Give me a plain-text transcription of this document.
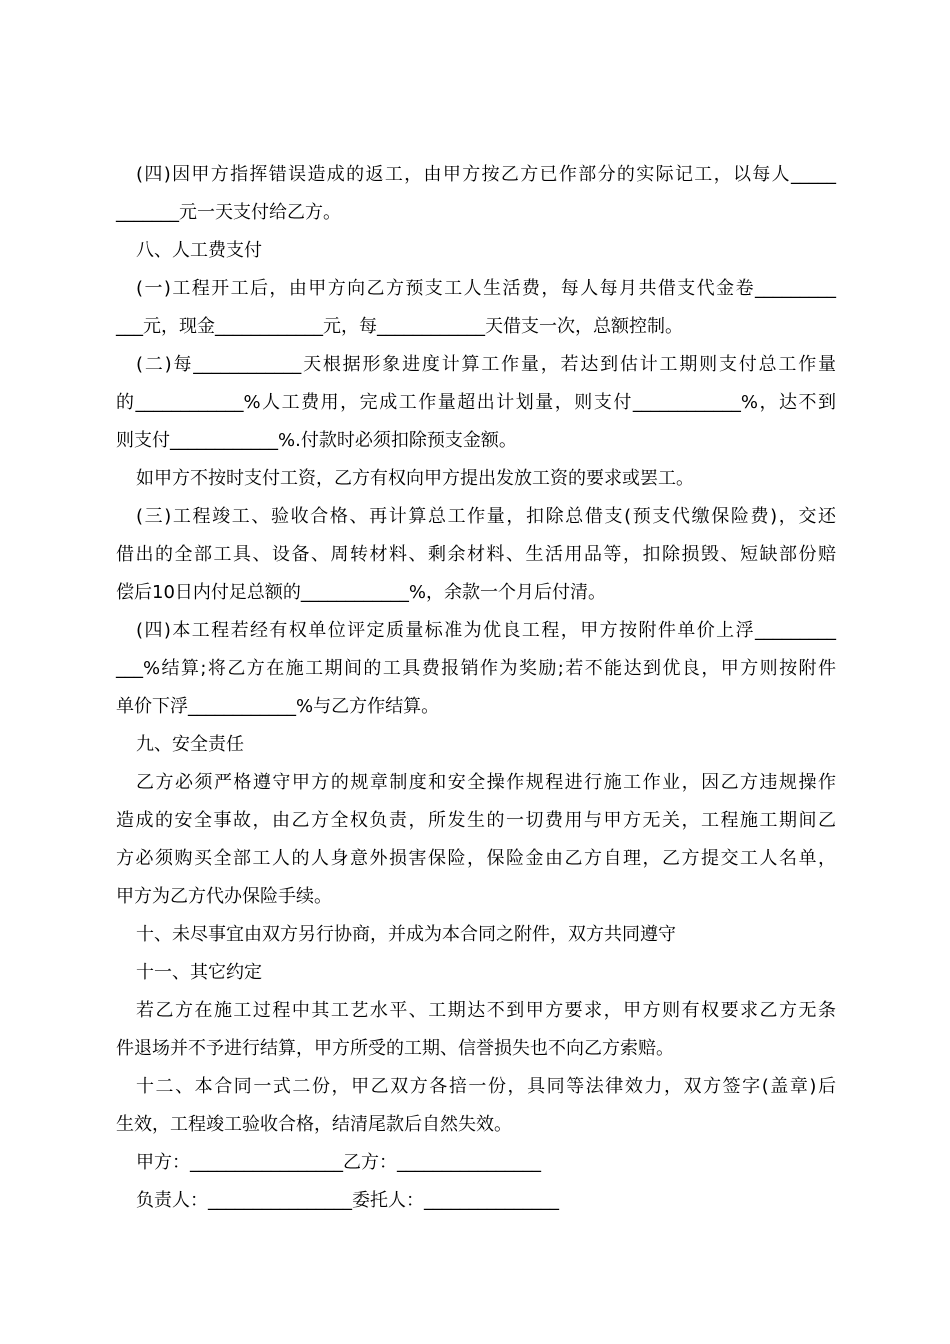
(四)因甲方指挥错误造成的返工，由甲方按乙方已作部分的实际记工，以每人_____
_______元一天支付给乙方。
八、人工费支付
(一)工程开工后，由甲方向乙方预支工人生活费，每人每月共借支代金卷_________
___元，现金____________元，每____________天借支一次，总额控制。
(二)每____________天根据形象进度计算工作量，若达到估计工期则支付总工作量
的____________%人工费用，完成工作量超出计划量，则支付____________%，达不到
则支付____________%.付款时必须扣除预支金额。
如甲方不按时支付工资，乙方有权向甲方提出发放工资的要求或罢工。
(三)工程竣工、验收合格、再计算总工作量，扣除总借支(预支代缴保险费)，交还
借出的全部工具、设备、周转材料、剩余材料、生活用品等，扣除损毁、短缺部份赔
偿后10日内付足总额的____________%，余款一个月后付清。
(四)本工程若经有权单位评定质量标准为优良工程，甲方按附件单价上浮_________
___%结算;将乙方在施工期间的工具费报销作为奖励;若不能达到优良，甲方则按附件
单价下浮____________%与乙方作结算。
九、安全责任
乙方必须严格遵守甲方的规章制度和安全操作规程进行施工作业，因乙方违规操作
造成的安全事故，由乙方全权负责，所发生的一切费用与甲方无关，工程施工期间乙
方必须购买全部工人的人身意外损害保险，保险金由乙方自理，乙方提交工人名单，
甲方为乙方代办保险手续。
十、未尽事宜由双方另行协商，并成为本合同之附件，双方共同遵守
十一、其它约定
若乙方在施工过程中其工艺水平、工期达不到甲方要求，甲方则有权要求乙方无条
件退场并不予进行结算，甲方所受的工期、信誉损失也不向乙方索赔。
十二、本合同一式二份，甲乙双方各掊一份，具同等法律效力，双方签字(盖章)后
生效，工程竣工验收合格，结清尾款后自然失效。
甲方：_________________乙方：________________
负责人：________________委托人：_______________
